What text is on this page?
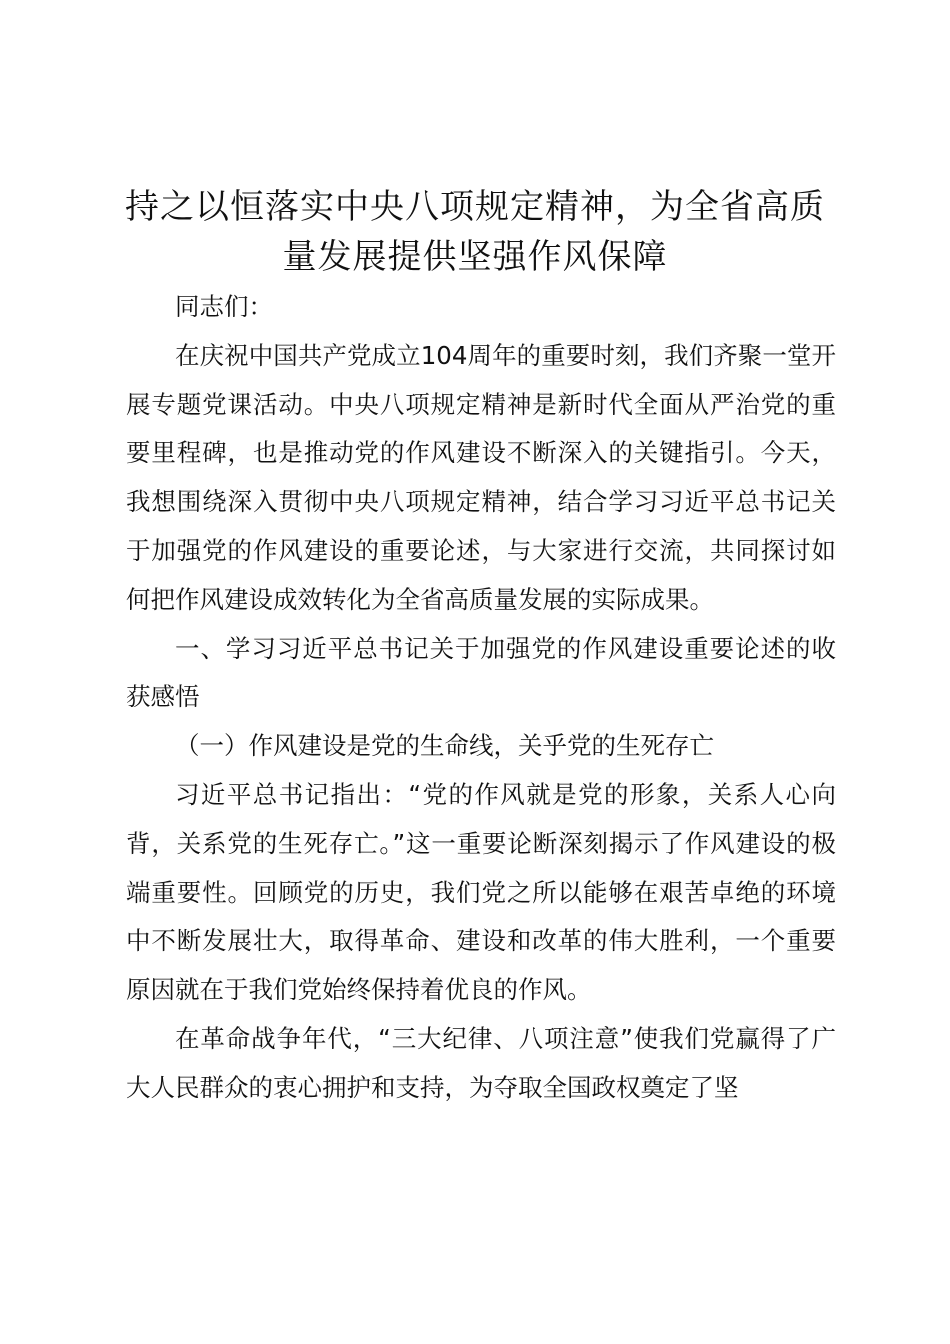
持之以恒落实中央八项规定精神，为全省高质
量发展提供坚强作风保障

同志们：

在庆祝中国共产党成立104周年的重要时刻，我们齐聚一堂开展专题党课活动。中央八项规定精神是新时代全面从严治党的重要里程碑，也是推动党的作风建设不断深入的关键指引。今天，我想围绕深入贯彻中央八项规定精神，结合学习习近平总书记关于加强党的作风建设的重要论述，与大家进行交流，共同探讨如何把作风建设成效转化为全省高质量发展的实际成果。

一、学习习近平总书记关于加强党的作风建设重要论述的收获感悟

（一）作风建设是党的生命线，关乎党的生死存亡

习近平总书记指出：“党的作风就是党的形象，关系人心向背，关系党的生死存亡。”这一重要论断深刻揭示了作风建设的极端重要性。回顾党的历史，我们党之所以能够在艰苦卓绝的环境中不断发展壮大，取得革命、建设和改革的伟大胜利，一个重要原因就在于我们党始终保持着优良的作风。

在革命战争年代，“三大纪律、八项注意”使我们党赢得了广大人民群众的衷心拥护和支持，为夺取全国政权奠定了坚
